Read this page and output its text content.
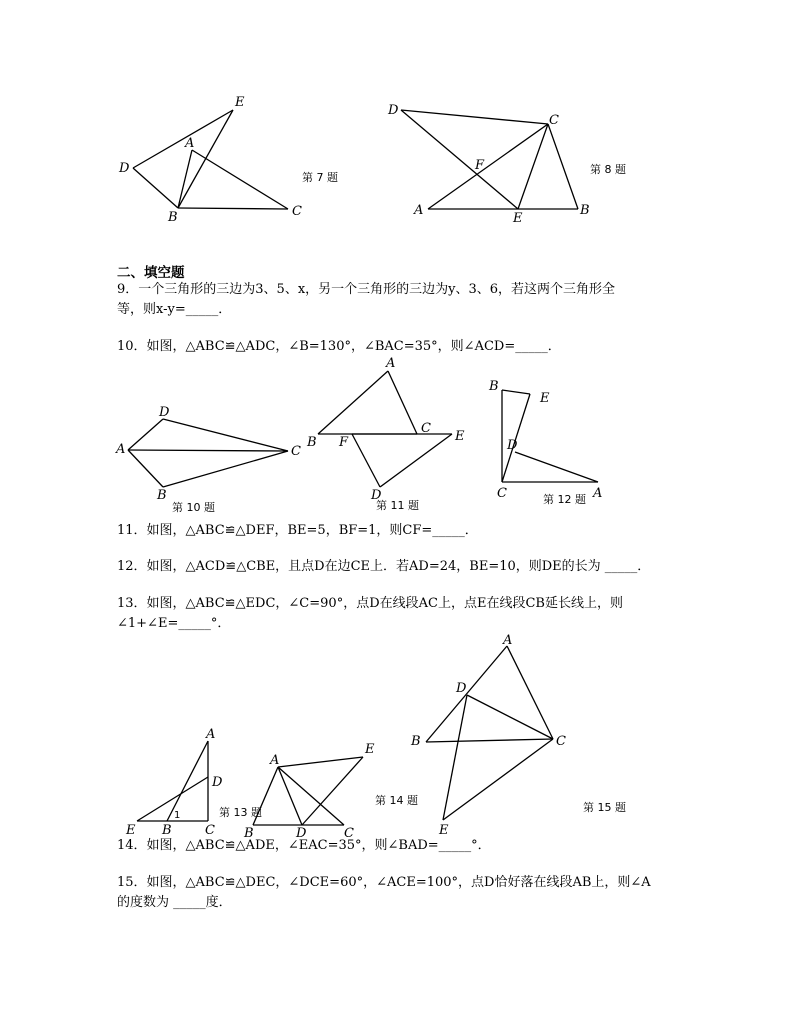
E
A
D
B	C
D
C
F
A
E
B
D
A	C
B
A
B F
C
E
D
B
E
D
C	A
A
D
1
E B	C
A
E
B	D	C
A
D
B	C
E
第 7 题
第 8 题
第 10 题	第 11 题	第 12 题
第 13 题
第 14 题
第 15 题
二、填空题
9．一个三角形的三边为3、5、x，另一个三角形的三边为y、3、6，若这两个三角形全
等，则x-y=_____．
10．如图，△ABC≌△ADC，∠B=130°，∠BAC=35°，则∠ACD=_____．
11．如图，△ABC≌△DEF，BE=5，BF=1，则CF=_____．
12．如图，△ACD≌△CBE，且点D在边CE上．若AD=24，BE=10，则DE的长为 _____．
13．如图，△ABC≌△EDC，∠C=90°，点D在线段AC上，点E在线段CB延长线上，则
∠1+∠E=_____°．
14．如图，△ABC≌△ADE，∠EAC=35°，则∠BAD=_____°．
15．如图，△ABC≌△DEC，∠DCE=60°，∠ACE=100°，点D恰好落在线段AB上，则∠A
的度数为 _____度．
